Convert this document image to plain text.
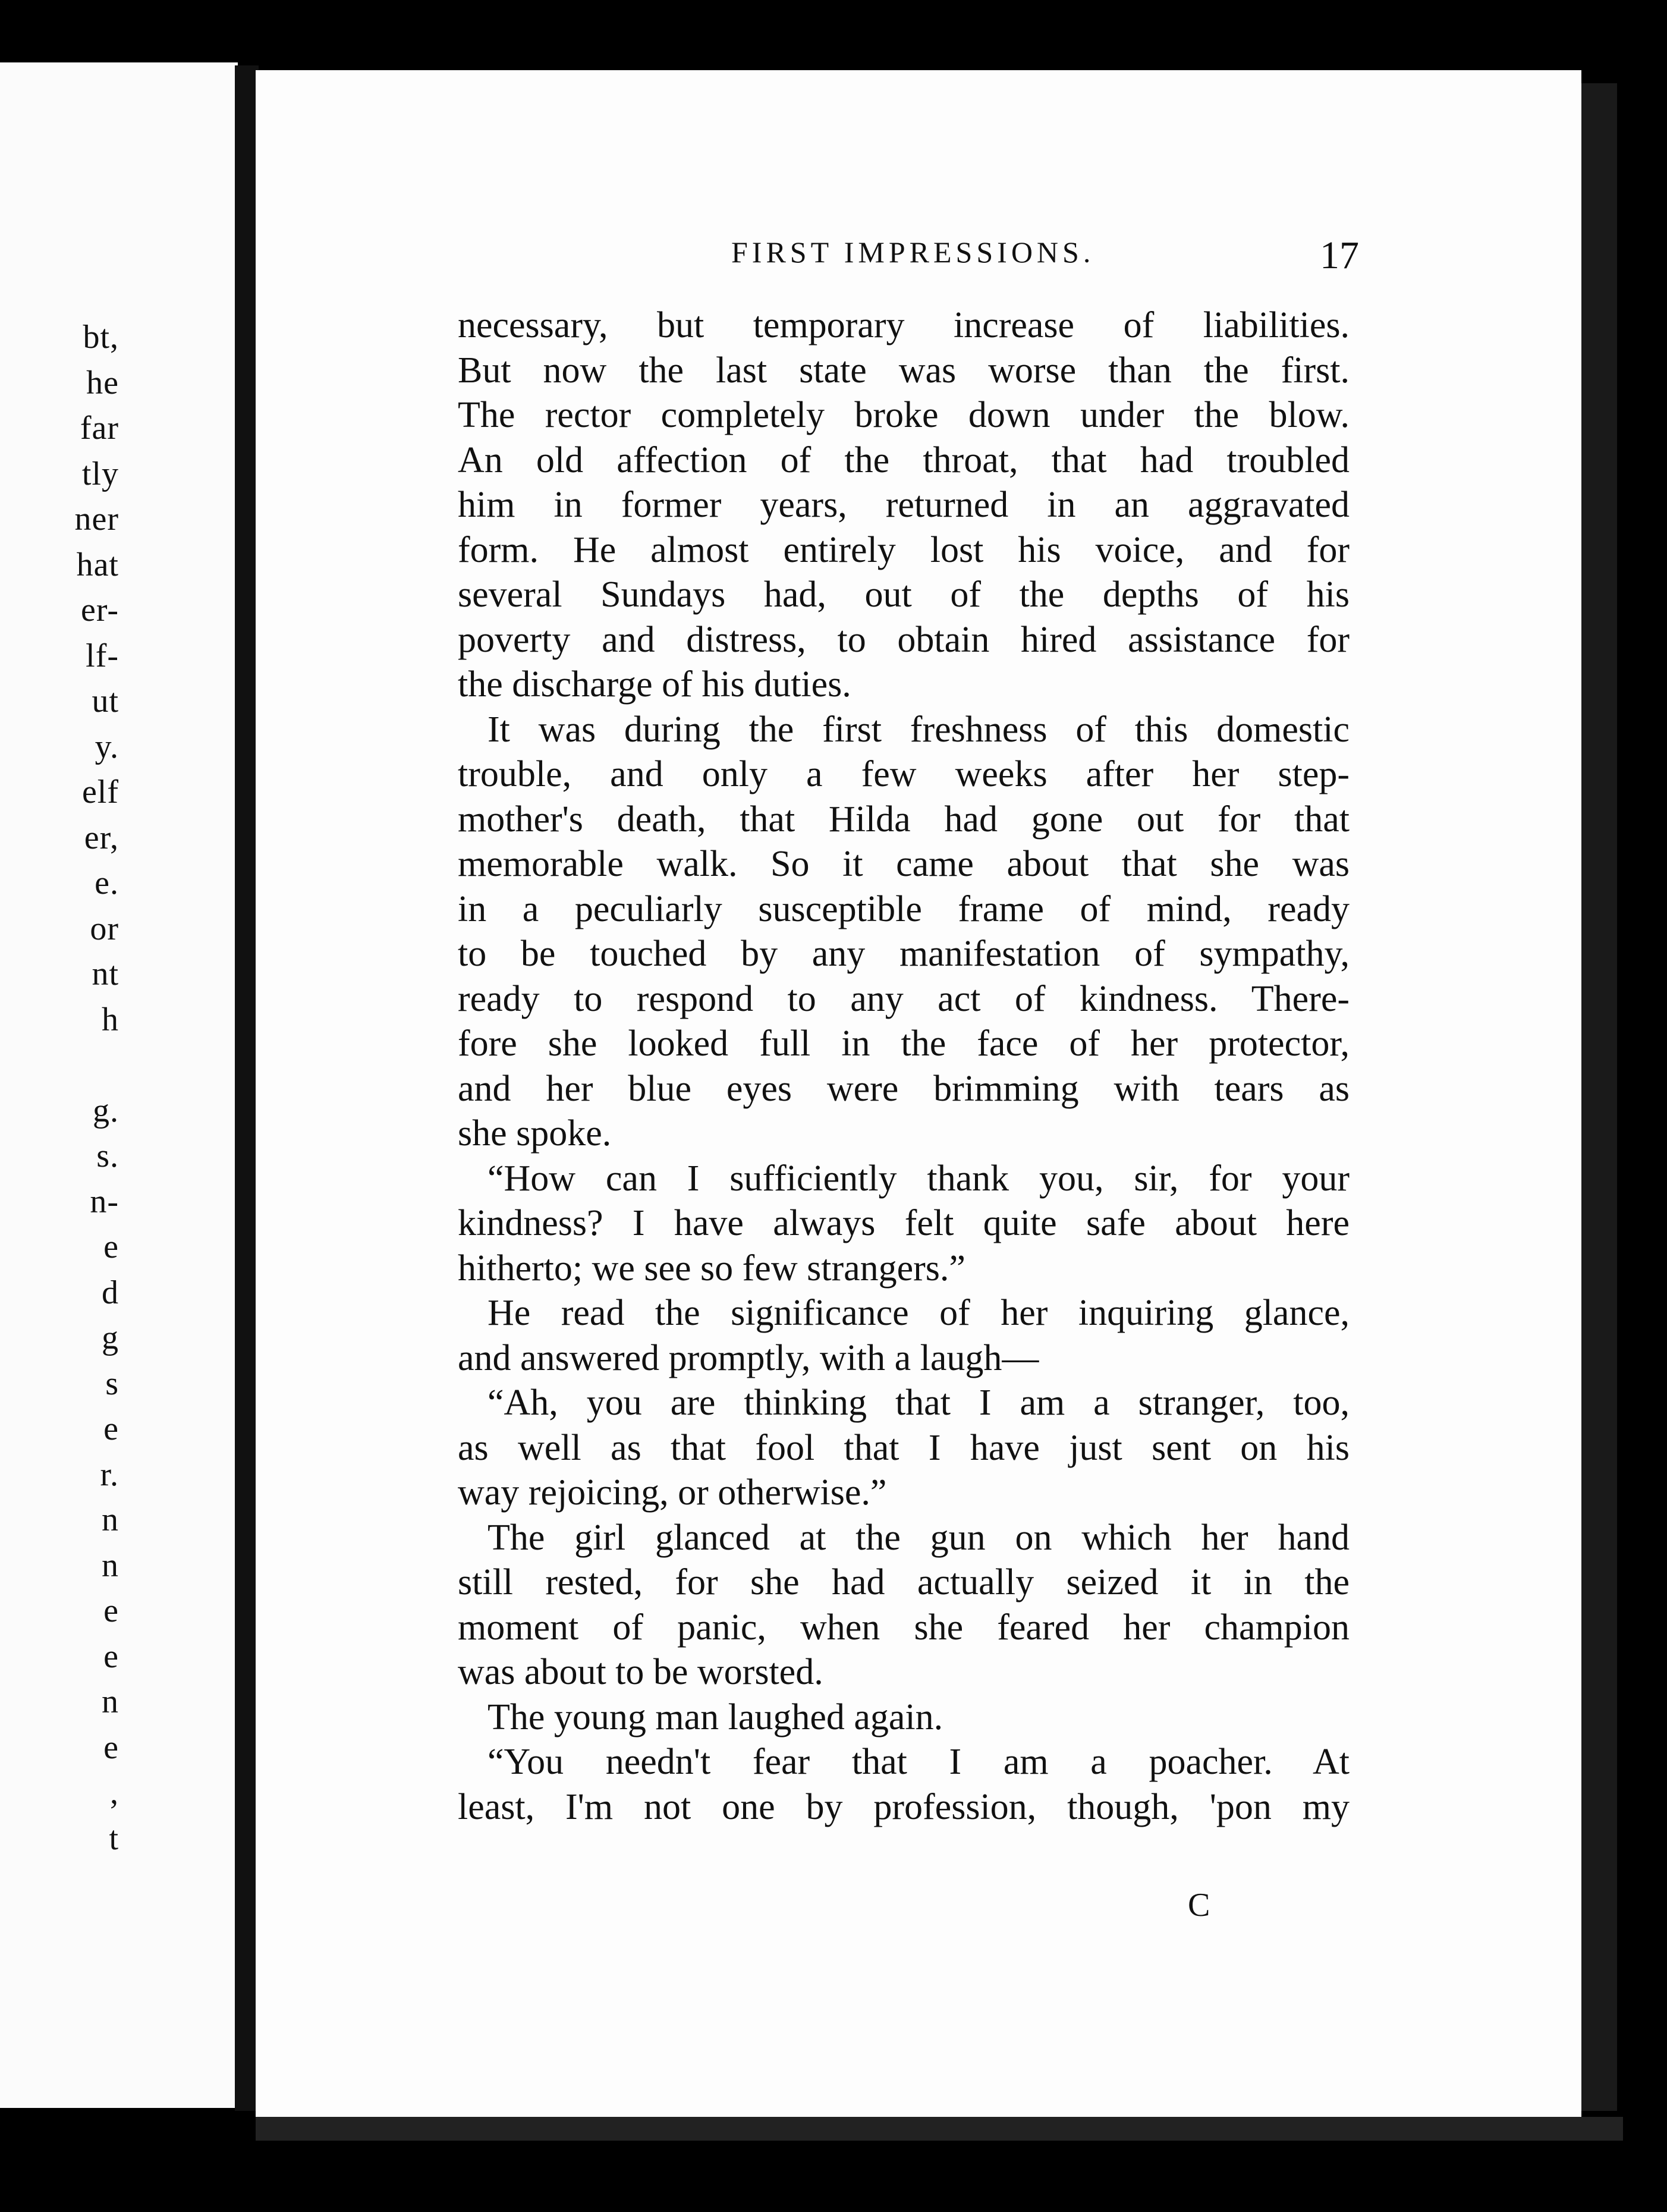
bt,
he
far
tly
ner
hat
er-
lf-
ut
y.
elf
er,
e.
or
nt
h
g.
s.
n-
e
d
g
s
e
r.
n
n
e
e
n
e
,
t
FIRST IMPRESSIONS.	17
necessary, but temporary increase of liabilities.
But now the last state was worse than the first.
The rector completely broke down under the blow.
An old affection of the throat, that had troubled
him in former years, returned in an aggravated
form. He almost entirely lost his voice, and for
several Sundays had, out of the depths of his
poverty and distress, to obtain hired assistance for
the discharge of his duties.
It was during the first freshness of this domestic
trouble, and only a few weeks after her step-
mother's death, that Hilda had gone out for that
memorable walk. So it came about that she was
in a peculiarly susceptible frame of mind, ready
to be touched by any manifestation of sympathy,
ready to respond to any act of kindness. There-
fore she looked full in the face of her protector,
and her blue eyes were brimming with tears as
she spoke.
“How can I sufficiently thank you, sir, for your
kindness? I have always felt quite safe about here
hitherto; we see so few strangers.”
He read the significance of her inquiring glance,
and answered promptly, with a laugh—
“Ah, you are thinking that I am a stranger, too,
as well as that fool that I have just sent on his
way rejoicing, or otherwise.”
The girl glanced at the gun on which her hand
still rested, for she had actually seized it in the
moment of panic, when she feared her champion
was about to be worsted.
The young man laughed again.
“You needn't fear that I am a poacher. At
least, I'm not one by profession, though, 'pon my
C
